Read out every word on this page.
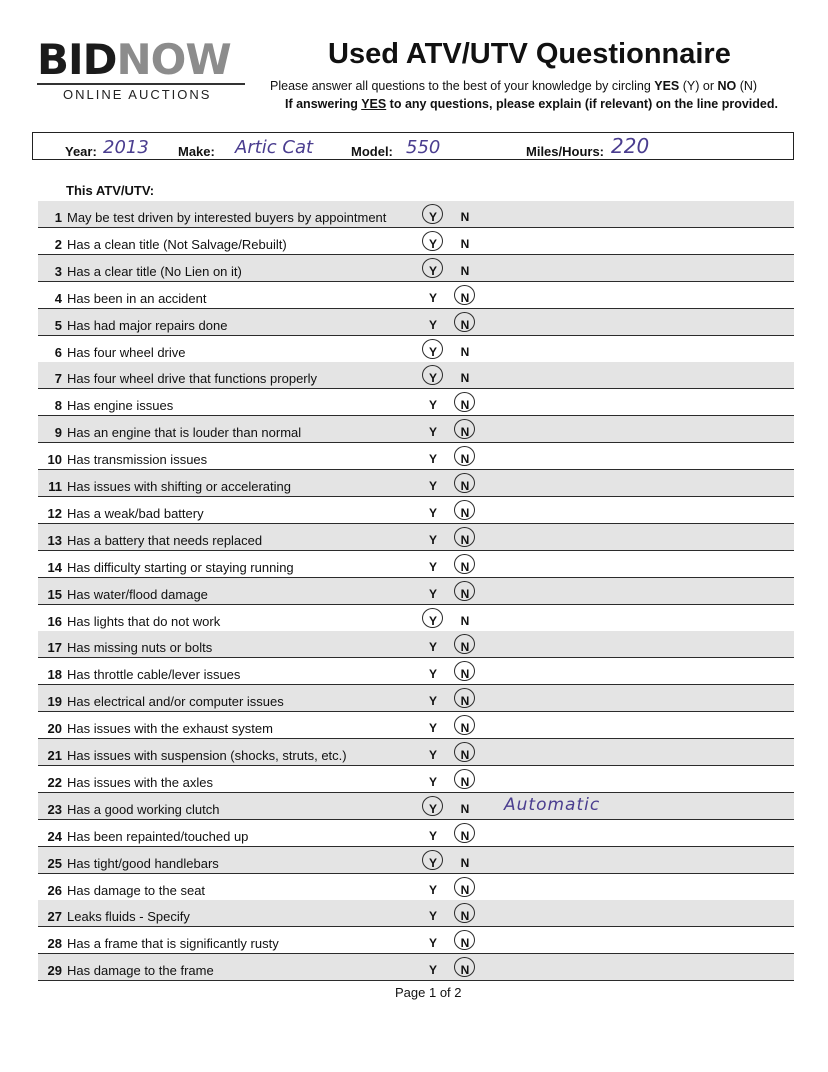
BIDNOW
ONLINE AUCTIONS
Used ATV/UTV Questionnaire
Please answer all questions to the best of your knowledge by circling YES (Y) or NO (N)
If answering YES to any questions, please explain (if relevant) on the line provided.
Year: 2013 Make: Artic Cat	Model: 550	Miles/Hours: 220
This ATV/UTV:
1 May be test driven by interested buyers by appointment	Y N
2 Has a clean title (Not Salvage/Rebuilt)	Y N
3 Has a clear title (No Lien on it)	Y N
4 Has been in an accident	Y N
5 Has had major repairs done	Y N
6 Has four wheel drive	Y N
7 Has four wheel drive that functions properly	Y N
8 Has engine issues	Y N
9 Has an engine that is louder than normal	Y N
10 Has transmission issues	Y N
11 Has issues with shifting or accelerating	Y N
12 Has a weak/bad battery	Y N
13 Has a battery that needs replaced	Y N
14 Has difficulty starting or staying running	Y N
15 Has water/flood damage	Y N
16 Has lights that do not work	Y N
17 Has missing nuts or bolts	Y N
18 Has throttle cable/lever issues	Y N
19 Has electrical and/or computer issues	Y N
20 Has issues with the exhaust system	Y N
21 Has issues with suspension (shocks, struts, etc.)	Y N
22 Has issues with the axles	Y N
23 Has a good working clutch	Y N Automatic
24 Has been repainted/touched up	Y N
25 Has tight/good handlebars	Y N
26 Has damage to the seat	Y N
27 Leaks fluids - Specify	Y N
28 Has a frame that is significantly rusty	Y N
29 Has damage to the frame	Y N
Page 1 of 2
